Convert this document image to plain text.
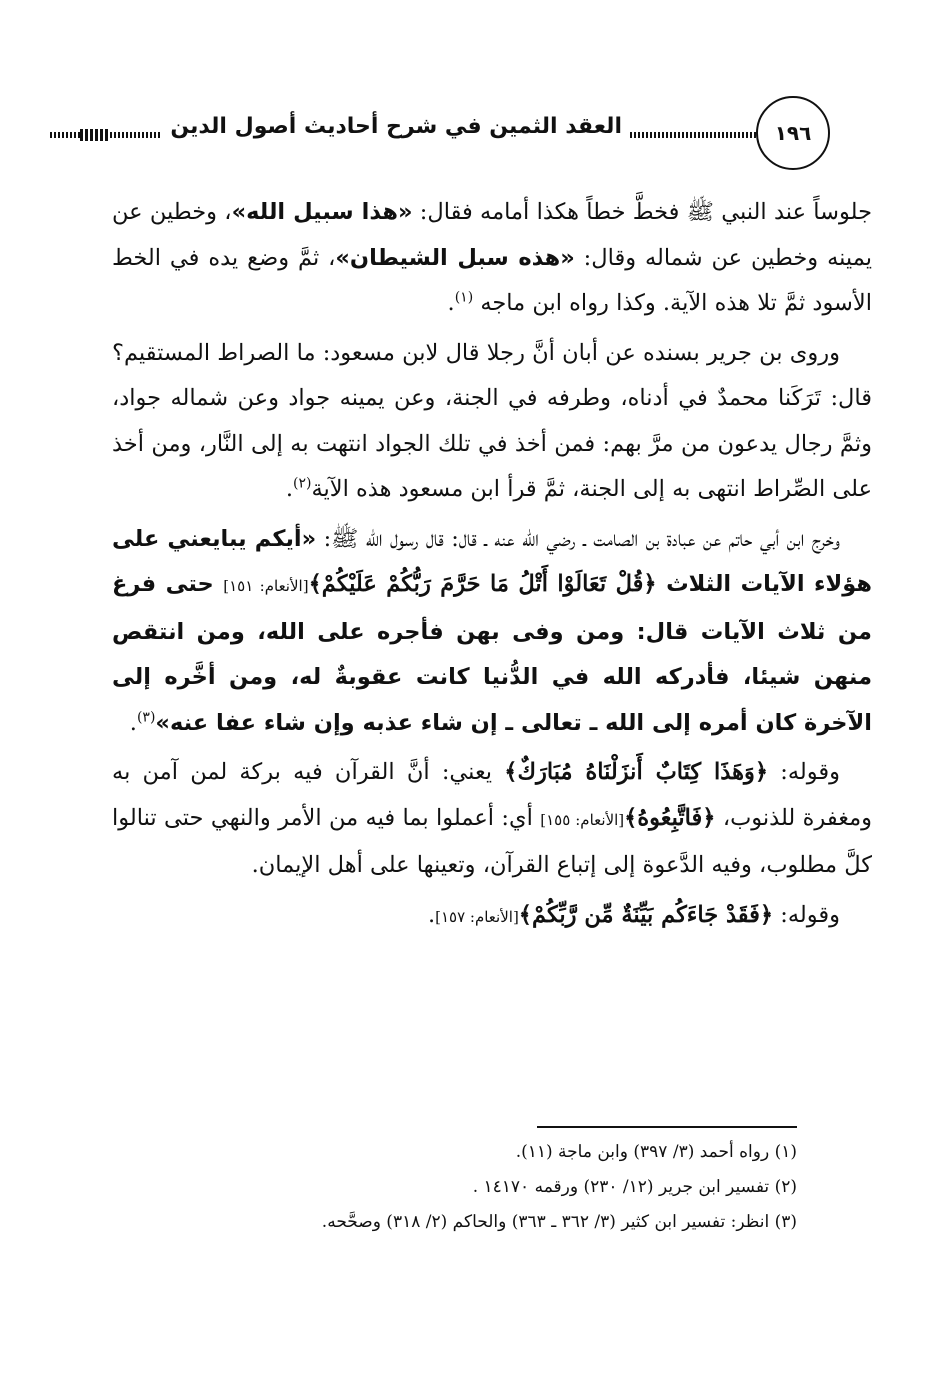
العقد الثمين في شرح أحاديث أصول الدين	١٩٦

جلوساً عند النبي ﷺ فخطَّ خطاً هكذا أمامه فقال: «هذا سبيل الله»، وخطين عن يمينه وخطين عن شماله وقال: «هذه سبل الشيطان»، ثمَّ وضع يده في الخط الأسود ثمَّ تلا هذه الآية. وكذا رواه ابن ماجه $^{(١)}$.

وروى بن جرير بسنده عن أبان أنَّ رجلا قال لابن مسعود: ما الصراط المستقيم؟ قال: تَرَكَنا محمدٌ في أدناه، وطرفه في الجنة، وعن يمينه جواد وعن شماله جواد، وثمَّ رجال يدعون من مرَّ بهم: فمن أخذ في تلك الجواد انتهت به إلى النَّار، ومن أخذ على الصِّراط انتهى به إلى الجنة، ثمَّ قرأ ابن مسعود هذه الآية$^{(٢)}$.

وخرج ابن أبي حاتم عن عبادة بن الصامت ـ رضي الله عنه ـ قال: قال رسول الله ﷺ: «أيكم يبايعني على هؤلاء الآيات الثلاث ﴿قُلْ تَعَالَوْا أَتْلُ مَا حَرَّمَ رَبُّكُمْ عَلَيْكُمْ﴾[الأنعام: ١٥١] حتى فرغ من ثلاث الآيات قال: ومن وفى بهن فأجره على الله، ومن انتقص منهن شيئا، فأدركه الله في الدُّنيا كانت عقوبةٌ له، ومن أخَّره إلى الآخرة كان أمره إلى الله ـ تعالى ـ إن شاء عذبه وإن شاء عفا عنه»$^{(٣)}$.

وقوله: ﴿وَهَذَا كِتَابٌ أَنزَلْنَاهُ مُبَارَكٌ﴾ يعني: أنَّ القرآن فيه بركة لمن آمن به ومغفرة للذنوب، ﴿فَاتَّبِعُوهُ﴾[الأنعام: ١٥٥] أي: أعملوا بما فيه من الأمر والنهي حتى تنالوا كلَّ مطلوب، وفيه الدَّعوة إلى إتباع القرآن، وتعينها على أهل الإيمان.

وقوله: ﴿فَقَدْ جَاءَكُم بَيِّنَةٌ مِّن رَّبِّكُمْ﴾[الأنعام: ١٥٧].

(١) رواه أحمد (٣/ ٣٩٧) وابن ماجة (١١).
(٢) تفسير ابن جرير (١٢/ ٢٣٠) ورقمه ١٤١٧٠ .
(٣) انظر: تفسير ابن كثير (٣/ ٣٦٢ ـ ٣٦٣) والحاكم (٢/ ٣١٨) وصحَّحه.
